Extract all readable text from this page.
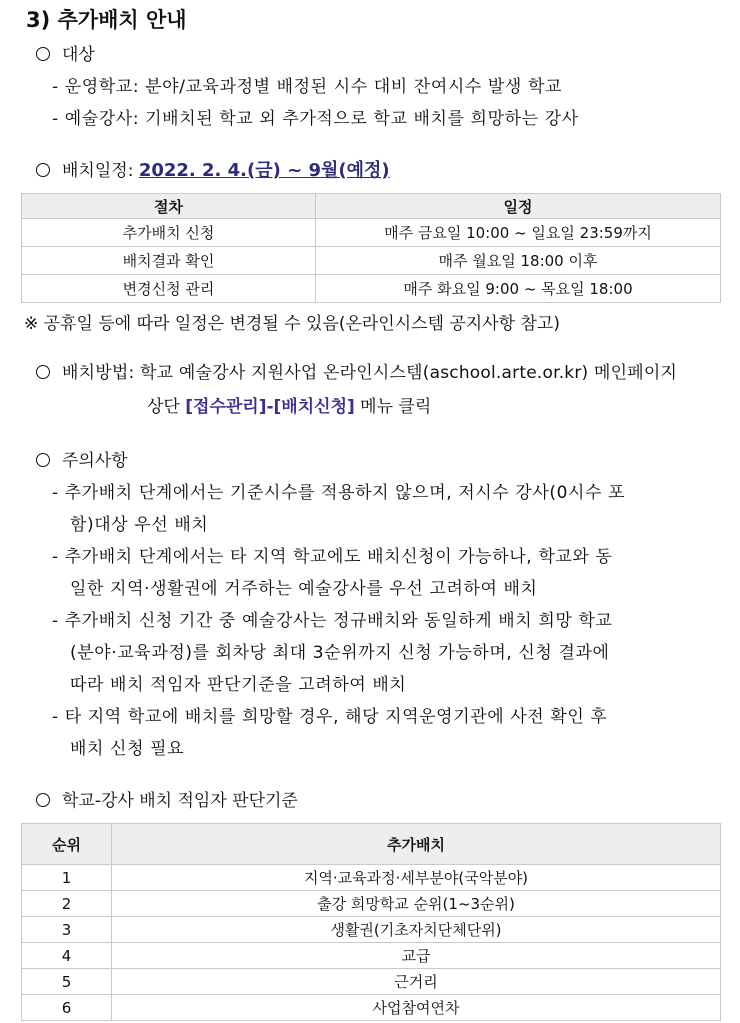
3) 추가배치 안내
대상
- 운영학교: 분야/교육과정별 배정된 시수 대비 잔여시수 발생 학교
- 예술강사: 기배치된 학교 외 추가적으로 학교 배치를 희망하는 강사
배치일정: 2022. 2. 4.(금) ~ 9월(예정)
절차	일정
추가배치 신청	매주 금요일 10:00 ~ 일요일 23:59까지
배치결과 확인	매주 월요일 18:00 이후
변경신청 관리	매주 화요일 9:00 ~ 목요일 18:00
※ 공휴일 등에 따라 일정은 변경될 수 있음(온라인시스템 공지사항 참고)
배치방법: 학교 예술강사 지원사업 온라인시스템(aschool.arte.or.kr) 메인페이지
상단 [접수관리]-[배치신청] 메뉴 클릭
주의사항
- 추가배치 단계에서는 기준시수를 적용하지 않으며, 저시수 강사(0시수 포
함)대상 우선 배치
- 추가배치 단계에서는 타 지역 학교에도 배치신청이 가능하나, 학교와 동
일한 지역·생활권에 거주하는 예술강사를 우선 고려하여 배치
- 추가배치 신청 기간 중 예술강사는 정규배치와 동일하게 배치 희망 학교
(분야·교육과정)를 회차당 최대 3순위까지 신청 가능하며, 신청 결과에
따라 배치 적임자 판단기준을 고려하여 배치
- 타 지역 학교에 배치를 희망할 경우, 해당 지역운영기관에 사전 확인 후
배치 신청 필요
학교-강사 배치 적임자 판단기준
순위	추가배치
1	지역·교육과정·세부분야(국악분야)
2	출강 희망학교 순위(1~3순위)
3	생활권(기초자치단체단위)
4	교급
5	근거리
6	사업참여연차
